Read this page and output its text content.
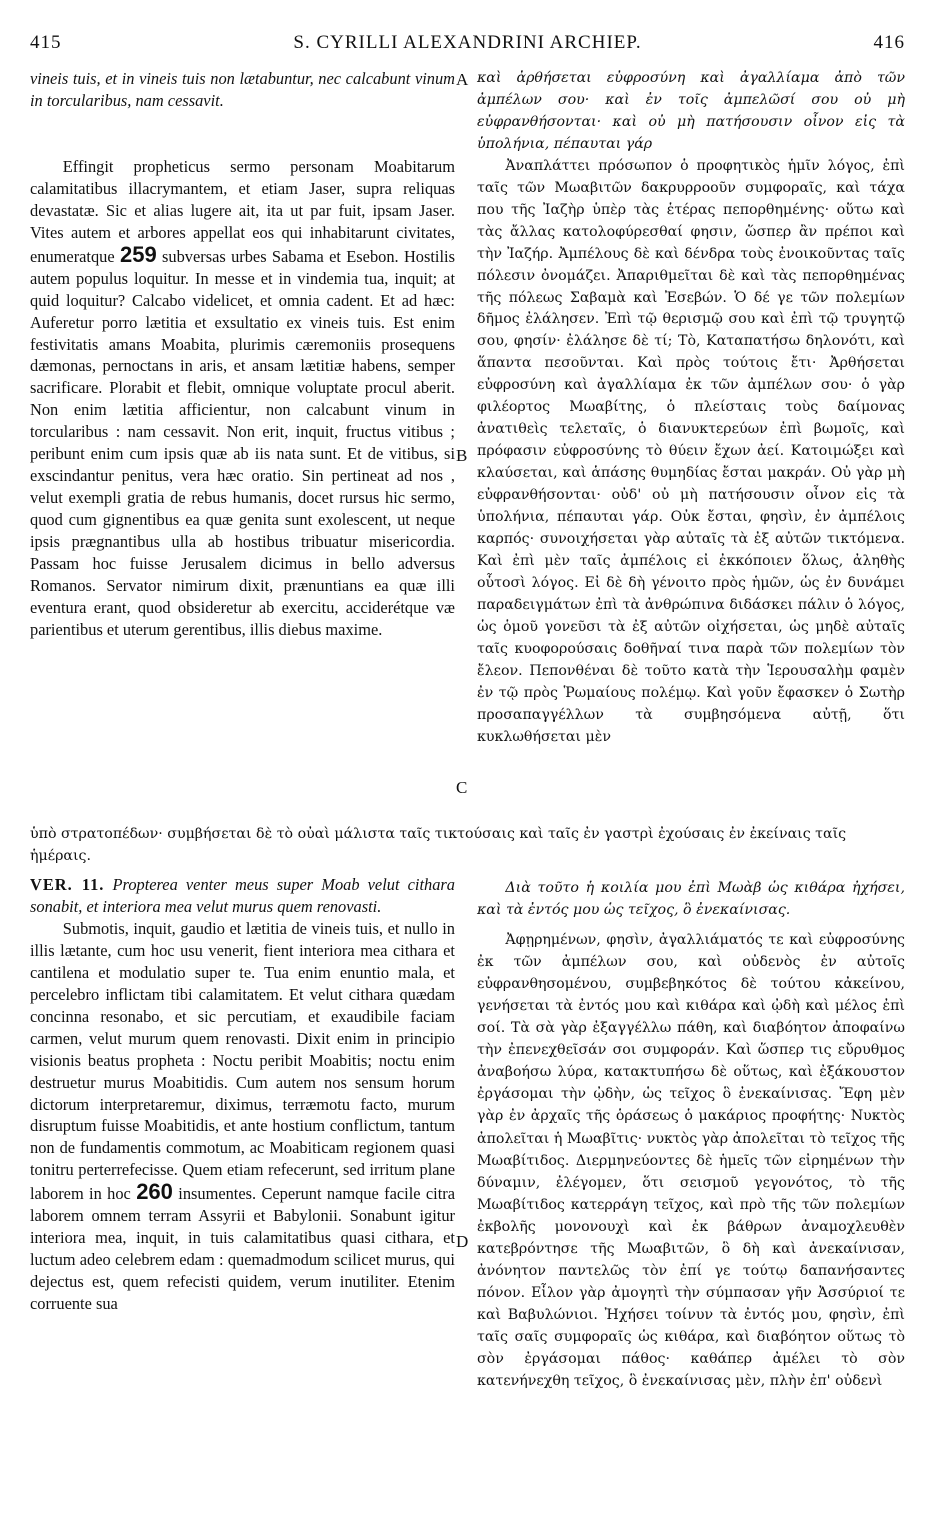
415	S. CYRILLI ALEXANDRINI ARCHIEP.	416

vineis tuis, et in vineis tuis non lætabuntur, nec calcabunt vinum in torcularibus, nam cessavit.

Effingit propheticus sermo personam Moabitarum calamitatibus illacrymantem, et etiam Jaser, supra reliquas devastatæ. Sic et alias lugere ait, ita ut par fuit, ipsam Jaser. Vites autem et arbores appellat eos qui inhabitarunt civitates, enumeratque 259 subversas urbes Sabama et Esebon. Hostilis autem populus loquitur. In messe et in vindemia tua, inquit; at quid loquitur? Calcabo videlicet, et omnia cadent. Et ad hæc: Auferetur porro lætitia et exsultatio ex vineis tuis. Est enim festivitatis amans Moabita, plurimis cæremoniis prosequens dæmonas, pernoctans in aris, et ansam lætitiæ habens, semper sacrificare. Plorabit et flebit, omnique voluptate procul aberit. Non enim lætitia afficientur, non calcabunt vinum in torcularibus : nam cessavit. Non erit, inquit, fructus vitibus ; peribunt enim cum ipsis quæ ab iis nata sunt. Et de vitibus, si exscindantur penitus, vera hæc oratio. Sin pertineat ad nos , velut exempli gratia de rebus humanis, docet rursus hic sermo, quod cum gignentibus ea quæ genita sunt exolescent, ut neque ipsis prægnantibus ulla ab hostibus tribuatur misericordia. Passam hoc fuisse Jerusalem dicimus in bello adversus Romanos. Servator nimirum dixit, prænuntians ea quæ illi eventura erant, quod obsideretur ab exercitu, acciderétque væ parientibus et uterum gerentibus, illis diebus maxime.

καὶ ἀρθήσεται εὐφροσύνη καὶ ἀγαλλίαμα ἀπὸ τῶν ἀμπέλων σου· καὶ ἐν τοῖς ἀμπελῶσί σου οὐ μὴ εὐφρανθήσονται· καὶ οὐ μὴ πατήσουσιν οἶνον εἰς τὰ ὑπολήνια, πέπαυται γάρ

Ἀναπλάττει πρόσωπον ὁ προφητικὸς ἡμῖν λόγος, ἐπὶ ταῖς τῶν Μωαβιτῶν δακρυρροοῦν συμφοραῖς, καὶ τάχα που τῆς Ἰαζὴρ ὑπὲρ τὰς ἑτέρας πεπορθημένης· οὕτω καὶ τὰς ἄλλας κατολοφύρεσθαί φησιν, ὥσπερ ἂν πρέποι καὶ τὴν Ἰαζήρ. Ἀμπέλους δὲ καὶ δένδρα τοὺς ἐνοικοῦντας ταῖς πόλεσιν ὀνομάζει. Ἀπαριθμεῖται δὲ καὶ τὰς πεπορθημένας τῆς πόλεως Σαβαμὰ καὶ Ἐσεβών. Ὁ δέ γε τῶν πολεμίων δῆμος ἐλάλησεν. Ἐπὶ τῷ θερισμῷ σου καὶ ἐπὶ τῷ τρυγητῷ σου, φησίν· ἐλάλησε δὲ τί; Τὸ, Καταπατήσω δηλονότι, καὶ ἅπαντα πεσοῦνται. Καὶ πρὸς τούτοις ἔτι· Ἀρθήσεται εὐφροσύνη καὶ ἀγαλλίαμα ἐκ τῶν ἀμπέλων σου· ὁ γὰρ φιλέορτος Μωαβίτης, ὁ πλείσταις τοὺς δαίμονας ἀνατιθεὶς τελεταῖς, ὁ διανυκτερεύων ἐπὶ βωμοῖς, καὶ πρόφασιν εὐφροσύνης τὸ θύειν ἔχων ἀεί. Κατοιμώξει καὶ κλαύσεται, καὶ ἁπάσης θυμηδίας ἔσται μακράν. Οὐ γὰρ μὴ εὐφρανθήσονται· οὐδ' οὐ μὴ πατήσουσιν οἶνον εἰς τὰ ὑπολήνια, πέπαυται γάρ. Οὐκ ἔσται, φησὶν, ἐν ἀμπέλοις καρπός· συνοιχήσεται γὰρ αὐταῖς τὰ ἐξ αὐτῶν τικτόμενα. Καὶ ἐπὶ μὲν ταῖς ἀμπέλοις εἰ ἐκκόποιεν ὅλως, ἀληθὴς οὗτοσὶ λόγος. Εἰ δὲ δὴ γένοιτο πρὸς ἡμῶν, ὡς ἐν δυνάμει παραδειγμάτων ἐπὶ τὰ ἀνθρώπινα διδάσκει πάλιν ὁ λόγος, ὡς ὁμοῦ γονεῦσι τὰ ἐξ αὐτῶν οἰχήσεται, ὡς μηδὲ αὐταῖς ταῖς κυοφορούσαις δοθῆναί τινα παρὰ τῶν πολεμίων τὸν ἔλεον. Πεπονθέναι δὲ τοῦτο κατὰ τὴν Ἱερουσαλὴμ φαμὲν ἐν τῷ πρὸς Ῥωμαίους πολέμῳ. Καὶ γοῦν ἔφασκεν ὁ Σωτὴρ προσαπαγγέλλων τὰ συμβησόμενα αὐτῇ, ὅτι κυκλωθήσεται μὲν

A
B
C
D

ὑπὸ στρατοπέδων· συμβήσεται δὲ τὸ οὐαὶ μάλιστα ταῖς τικτούσαις καὶ ταῖς ἐν γαστρὶ ἐχούσαις ἐν ἐκείναις ταῖς ἡμέραις.

VER. 11. Propterea venter meus super Moab velut cithara sonabit, et interiora mea velut murus quem renovasti.

Submotis, inquit, gaudio et lætitia de vineis tuis, et nullo in illis lætante, cum hoc usu venerit, fient interiora mea cithara et cantilena et modulatio super te. Tua enim enuntio mala, et percelebro inflictam tibi calamitatem. Et velut cithara quædam concinna resonabo, et sic percutiam, et exaudibile faciam carmen, velut murum quem renovasti. Dixit enim in principio visionis beatus propheta : Noctu peribit Moabitis; noctu enim destruetur murus Moabitidis. Cum autem nos sensum horum dictorum interpretaremur, diximus, terræmotu facto, murum disruptum fuisse Moabitidis, et ante hostium conflictum, tantum non de fundamentis commotum, ac Moabiticam regionem quasi tonitru perterrefecisse. Quem etiam refecerunt, sed irritum plane laborem in hoc 260 insumentes. Ceperunt namque facile citra laborem omnem terram Assyrii et Babylonii. Sonabunt igitur interiora mea, inquit, in tuis calamitatibus quasi cithara, et luctum adeo celebrem edam : quemadmodum scilicet murus, qui dejectus est, quem refecisti quidem, verum inutiliter. Etenim corruente sua

Διὰ τοῦτο ἡ κοιλία μου ἐπὶ Μωὰβ ὡς κιθάρα ἠχήσει, καὶ τὰ ἐντός μου ὡς τεῖχος, ὃ ἐνεκαίνισας.

Ἀφῃρημένων, φησὶν, ἀγαλλιάματός τε καὶ εὐφροσύνης ἐκ τῶν ἀμπέλων σου, καὶ οὐδενὸς ἐν αὐτοῖς εὐφρανθησομένου, συμβεβηκότος δὲ τούτου κἀκείνου, γενήσεται τὰ ἐντός μου καὶ κιθάρα καὶ ᾠδὴ καὶ μέλος ἐπὶ σοί. Τὰ σὰ γὰρ ἐξαγγέλλω πάθη, καὶ διαβόητον ἀποφαίνω τὴν ἐπενεχθεῖσάν σοι συμφοράν. Καὶ ὥσπερ τις εὔρυθμος ἀναβοήσω λύρα, κατακτυπήσω δὲ οὕτως, καὶ ἐξάκουστον ἐργάσομαι τὴν ᾠδὴν, ὡς τεῖχος ὃ ἐνεκαίνισας. Ἔφη μὲν γὰρ ἐν ἀρχαῖς τῆς ὁράσεως ὁ μακάριος προφήτης· Νυκτὸς ἀπολεῖται ἡ Μωαβῖτις· νυκτὸς γὰρ ἀπολεῖται τὸ τεῖχος τῆς Μωαβίτιδος. Διερμηνεύοντες δὲ ἡμεῖς τῶν εἰρημένων τὴν δύναμιν, ἐλέγομεν, ὅτι σεισμοῦ γεγονότος, τὸ τῆς Μωαβίτιδος κατερράγη τεῖχος, καὶ πρὸ τῆς τῶν πολεμίων ἐκβολῆς μονονουχὶ καὶ ἐκ βάθρων ἀναμοχλευθὲν κατεβρόντησε τῆς Μωαβιτῶν, ὃ δὴ καὶ ἀνεκαίνισαν, ἀνόνητον παντελῶς τὸν ἐπί γε τούτῳ δαπανήσαντες πόνον. Εἷλον γὰρ ἀμογητὶ τὴν σύμπασαν γῆν Ἀσσύριοί τε καὶ Βαβυλώνιοι. Ἠχήσει τοίνυν τὰ ἐντός μου, φησὶν, ἐπὶ ταῖς σαῖς συμφοραῖς ὡς κιθάρα, καὶ διαβόητον οὕτως τὸ σὸν ἐργάσομαι πάθος· καθάπερ ἀμέλει τὸ σὸν κατενήνεχθη τεῖχος, ὃ ἐνεκαίνισας μὲν, πλὴν ἐπ' οὐδενὶ
